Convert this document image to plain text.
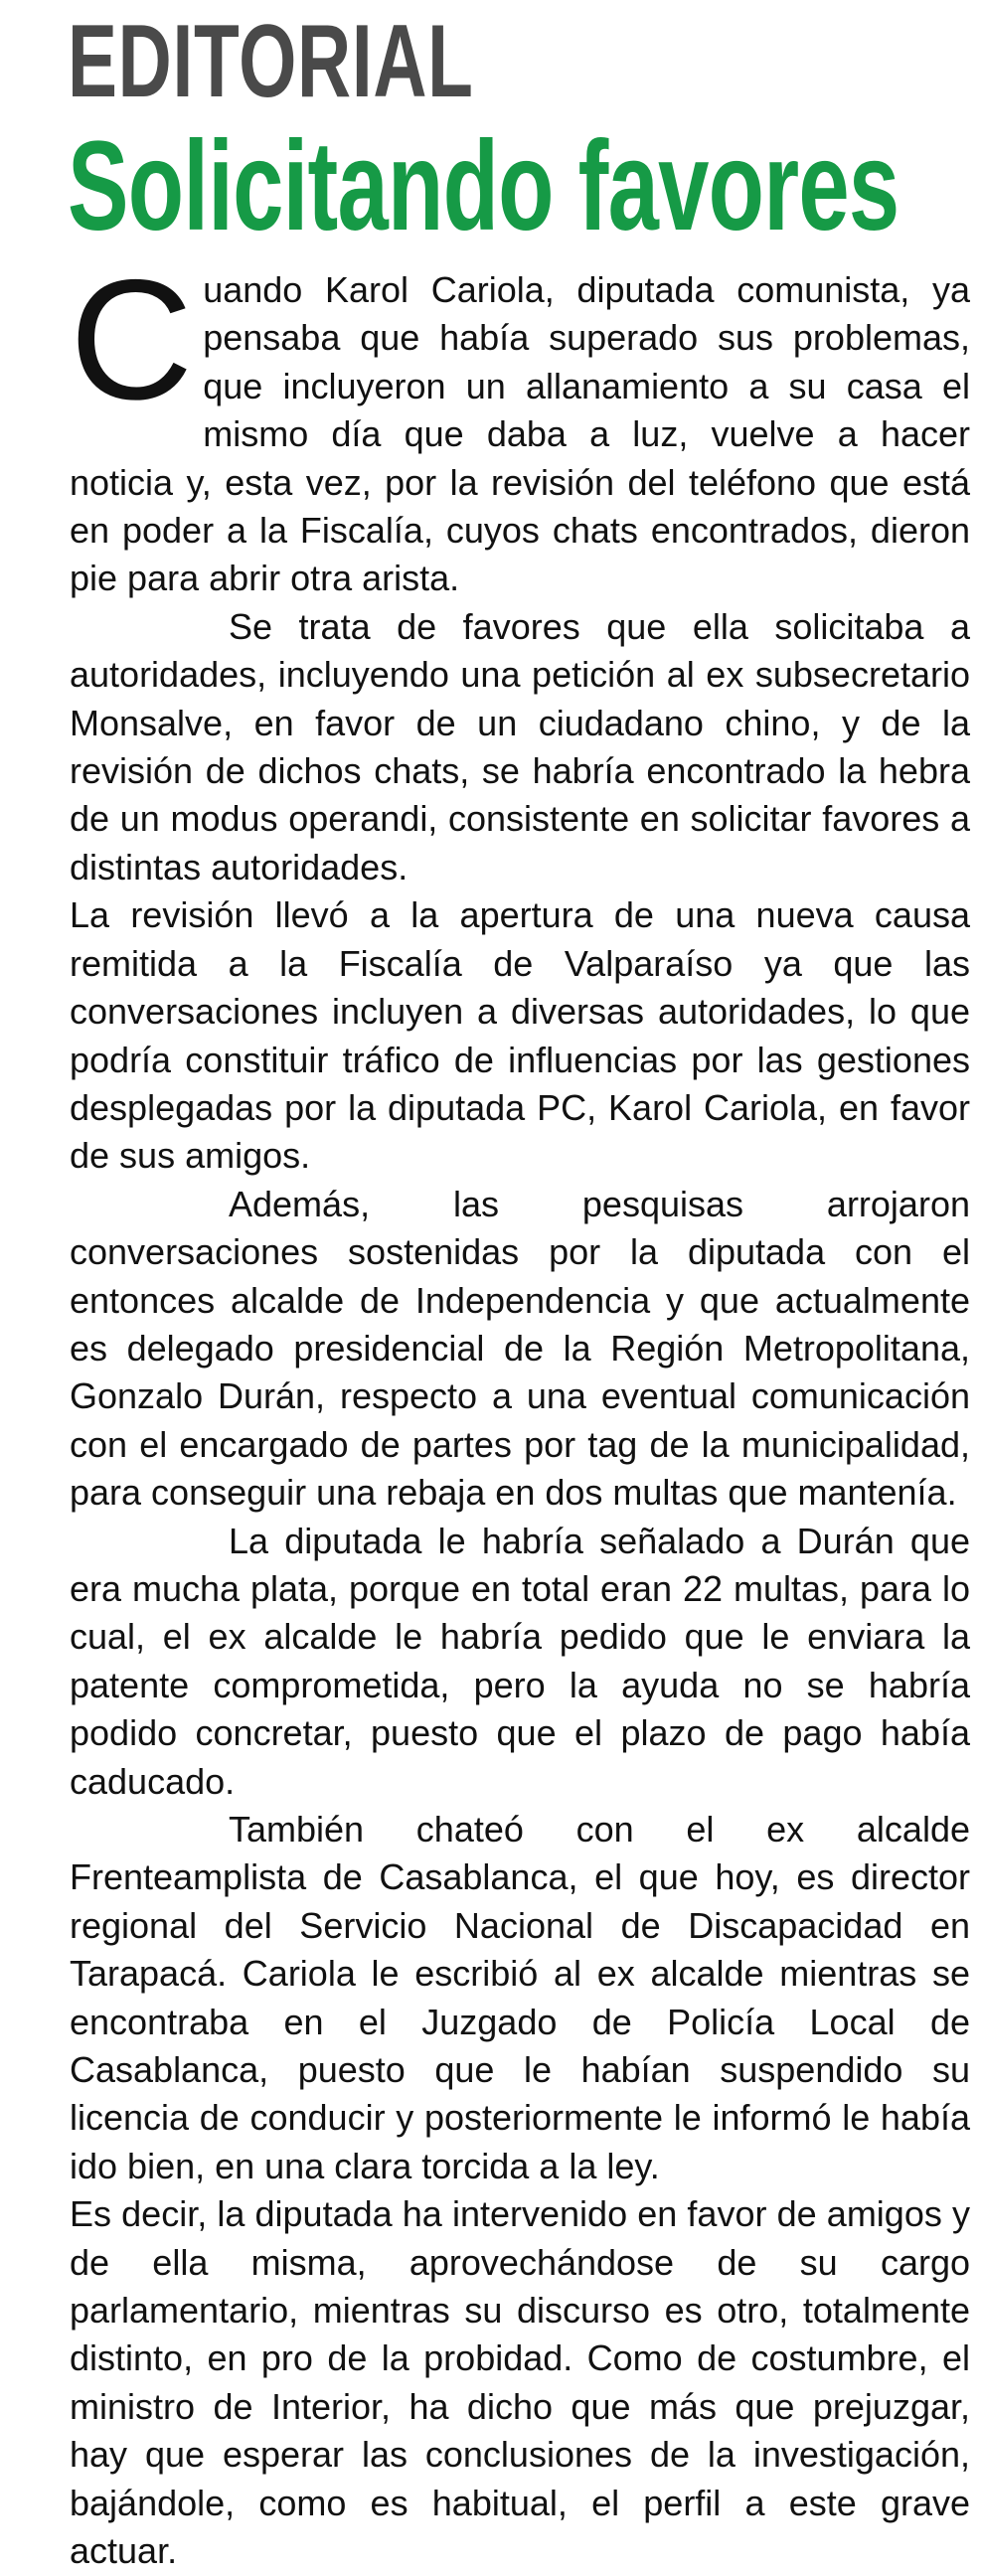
EDITORIAL
Solicitando favores

Cuando Karol Cariola, diputada comunista, ya pensaba que había superado sus problemas, que incluyeron un allanamiento a su casa el mismo día que daba a luz, vuelve a hacer noticia y, esta vez, por la revisión del teléfono que está en poder a la Fiscalía, cuyos chats encontrados, dieron pie para abrir otra arista.

Se trata de favores que ella solicitaba a autoridades, incluyendo una petición al ex subsecretario Monsalve, en favor de un ciudadano chino, y de la revisión de dichos chats, se habría encontrado la hebra de un modus operandi, consistente en solicitar favores a distintas autoridades.

La revisión llevó a la apertura de una nueva causa remitida a la Fiscalía de Valparaíso ya que las conversaciones incluyen a diversas autoridades, lo que podría constituir tráfico de influencias por las gestiones desplegadas por la diputada PC, Karol Cariola, en favor de sus amigos.

Además, las pesquisas arrojaron conversaciones sostenidas por la diputada con el entonces alcalde de Independencia y que actualmente es delegado presidencial de la Región Metropolitana, Gonzalo Durán, respecto a una eventual comunicación con el encargado de partes por tag de la municipalidad, para conseguir una rebaja en dos multas que mantenía.

La diputada le habría señalado a Durán que era mucha plata, porque en total eran 22 multas, para lo cual, el ex alcalde le habría pedido que le enviara la patente comprometida, pero la ayuda no se habría podido concretar, puesto que el plazo de pago había caducado.

También chateó con el ex alcalde Frenteamplista de Casablanca, el que hoy, es director regional del Servicio Nacional de Discapacidad en Tarapacá. Cariola le escribió al ex alcalde mientras se encontraba en el Juzgado de Policía Local de Casablanca, puesto que le habían suspendido su licencia de conducir y posteriormente le informó le había ido bien, en una clara torcida a la ley.

Es decir, la diputada ha intervenido en favor de amigos y de ella misma, aprovechándose de su cargo parlamentario, mientras su discurso es otro, totalmente distinto, en pro de la probidad. Como de costumbre, el ministro de Interior, ha dicho que más que prejuzgar, hay que esperar las conclusiones de la investigación, bajándole, como es habitual, el perfil a este grave actuar.
